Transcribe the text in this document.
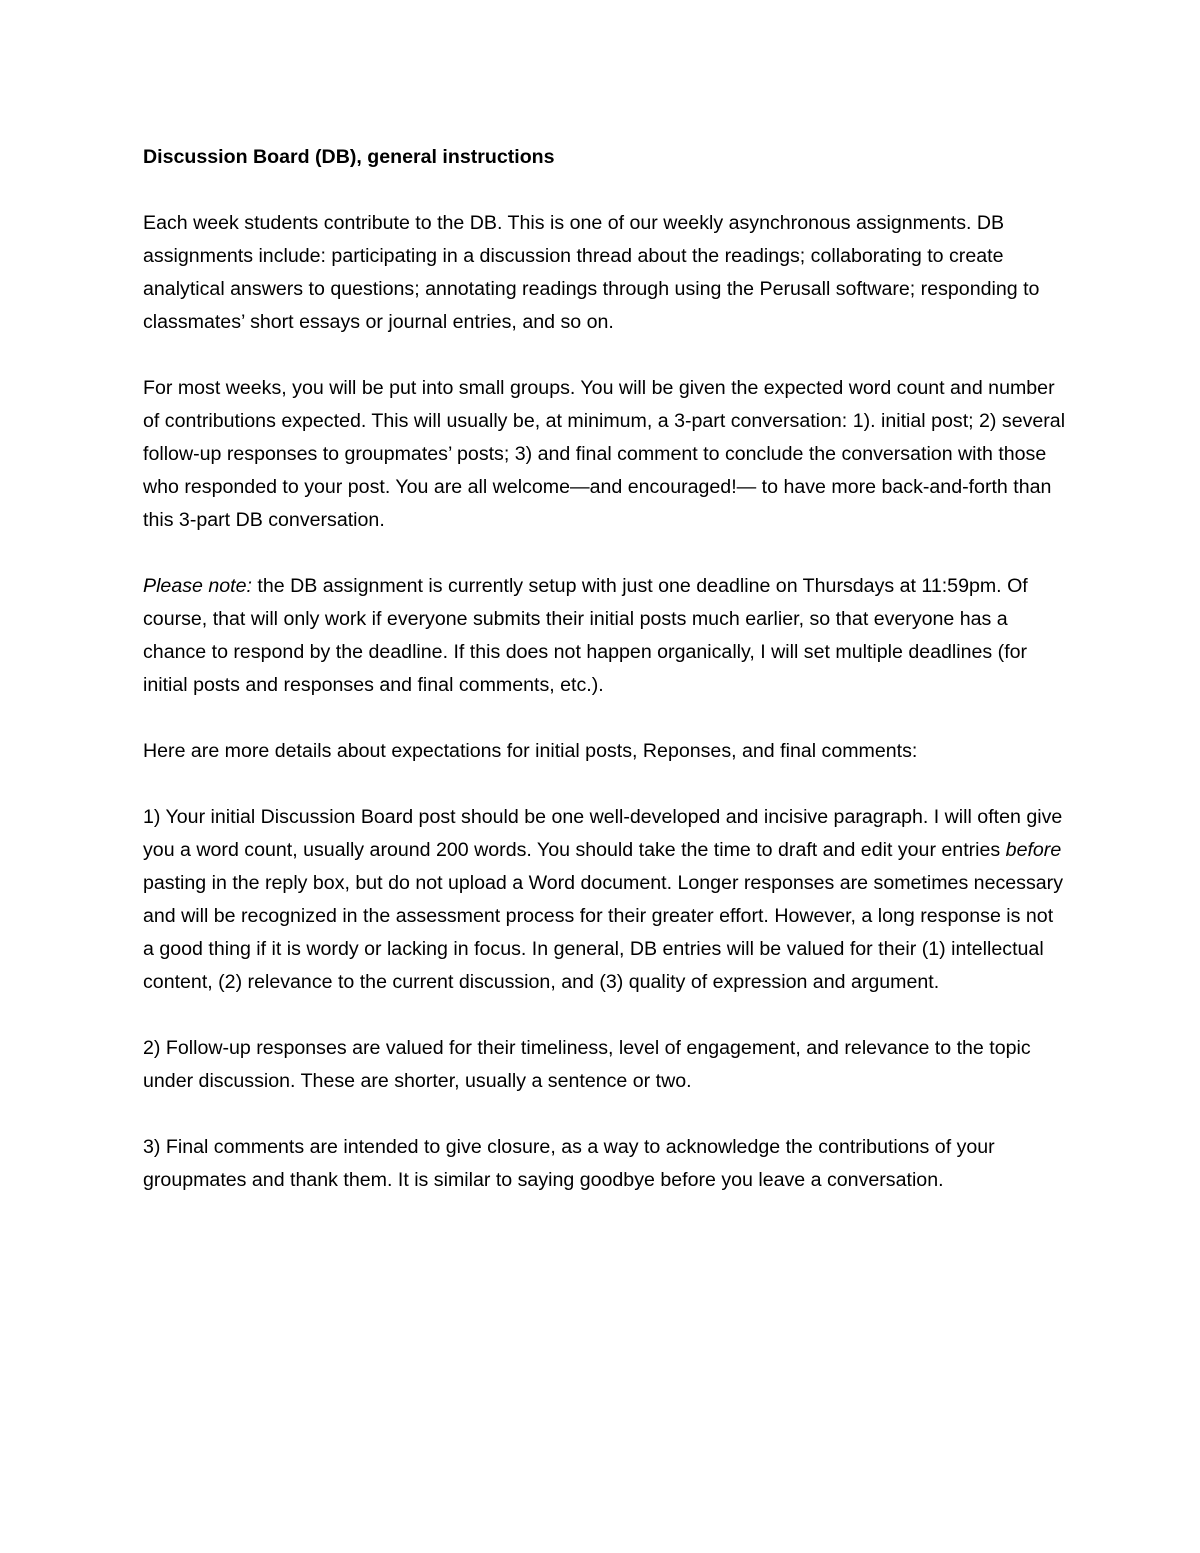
Discussion Board (DB), general instructions

Each week students contribute to the DB. This is one of our weekly asynchronous assignments. DB assignments include: participating in a discussion thread about the readings; collaborating to create analytical answers to questions; annotating readings through using the Perusall software; responding to classmates’ short essays or journal entries, and so on.

For most weeks, you will be put into small groups. You will be given the expected word count and number of contributions expected. This will usually be, at minimum, a 3-part conversation: 1). initial post; 2) several follow-up responses to groupmates’ posts; 3) and final comment to conclude the conversation with those who responded to your post. You are all welcome—and encouraged!— to have more back-and-forth than this 3-part DB conversation.

Please note: the DB assignment is currently setup with just one deadline on Thursdays at 11:59pm. Of course, that will only work if everyone submits their initial posts much earlier, so that everyone has a chance to respond by the deadline. If this does not happen organically, I will set multiple deadlines (for initial posts and responses and final comments, etc.).

Here are more details about expectations for initial posts, Reponses, and final comments:

1) Your initial Discussion Board post should be one well-developed and incisive paragraph. I will often give you a word count, usually around 200 words. You should take the time to draft and edit your entries before pasting in the reply box, but do not upload a Word document. Longer responses are sometimes necessary and will be recognized in the assessment process for their greater effort. However, a long response is not a good thing if it is wordy or lacking in focus. In general, DB entries will be valued for their (1) intellectual content, (2) relevance to the current discussion, and (3) quality of expression and argument.

2) Follow-up responses are valued for their timeliness, level of engagement, and relevance to the topic under discussion. These are shorter, usually a sentence or two.

3) Final comments are intended to give closure, as a way to acknowledge the contributions of your groupmates and thank them. It is similar to saying goodbye before you leave a conversation.
